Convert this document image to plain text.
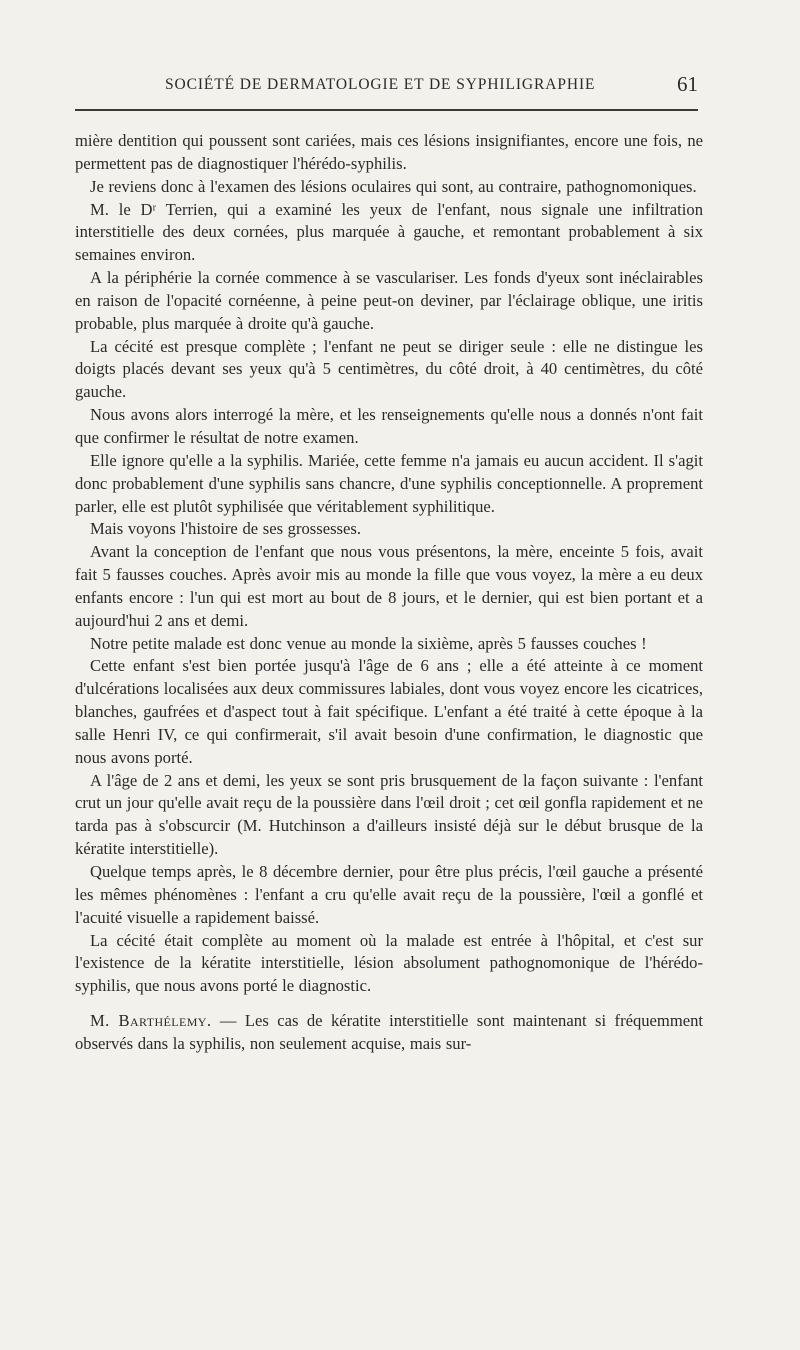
SOCIÉTÉ DE DERMATOLOGIE ET DE SYPHILIGRAPHIE	61

mière dentition qui poussent sont cariées, mais ces lésions insignifiantes, encore une fois, ne permettent pas de diagnostiquer l'hérédo-syphilis.

Je reviens donc à l'examen des lésions oculaires qui sont, au contraire, pathognomoniques.

M. le Dʳ Terrien, qui a examiné les yeux de l'enfant, nous signale une infiltration interstitielle des deux cornées, plus marquée à gauche, et remontant probablement à six semaines environ.

A la périphérie la cornée commence à se vasculariser. Les fonds d'yeux sont inéclairables en raison de l'opacité cornéenne, à peine peut-on deviner, par l'éclairage oblique, une iritis probable, plus marquée à droite qu'à gauche.

La cécité est presque complète ; l'enfant ne peut se diriger seule : elle ne distingue les doigts placés devant ses yeux qu'à 5 centimètres, du côté droit, à 40 centimètres, du côté gauche.

Nous avons alors interrogé la mère, et les renseignements qu'elle nous a donnés n'ont fait que confirmer le résultat de notre examen.

Elle ignore qu'elle a la syphilis. Mariée, cette femme n'a jamais eu aucun accident. Il s'agit donc probablement d'une syphilis sans chancre, d'une syphilis conceptionnelle. A proprement parler, elle est plutôt syphilisée que véritablement syphilitique.

Mais voyons l'histoire de ses grossesses.

Avant la conception de l'enfant que nous vous présentons, la mère, enceinte 5 fois, avait fait 5 fausses couches. Après avoir mis au monde la fille que vous voyez, la mère a eu deux enfants encore : l'un qui est mort au bout de 8 jours, et le dernier, qui est bien portant et a aujourd'hui 2 ans et demi.

Notre petite malade est donc venue au monde la sixième, après 5 fausses couches !

Cette enfant s'est bien portée jusqu'à l'âge de 6 ans ; elle a été atteinte à ce moment d'ulcérations localisées aux deux commissures labiales, dont vous voyez encore les cicatrices, blanches, gaufrées et d'aspect tout à fait spécifique. L'enfant a été traité à cette époque à la salle Henri IV, ce qui confirmerait, s'il avait besoin d'une confirmation, le diagnostic que nous avons porté.

A l'âge de 2 ans et demi, les yeux se sont pris brusquement de la façon suivante : l'enfant crut un jour qu'elle avait reçu de la poussière dans l'œil droit ; cet œil gonfla rapidement et ne tarda pas à s'obscurcir (M. Hutchinson a d'ailleurs insisté déjà sur le début brusque de la kératite interstitielle).

Quelque temps après, le 8 décembre dernier, pour être plus précis, l'œil gauche a présenté les mêmes phénomènes : l'enfant a cru qu'elle avait reçu de la poussière, l'œil a gonflé et l'acuité visuelle a rapidement baissé.

La cécité était complète au moment où la malade est entrée à l'hôpital, et c'est sur l'existence de la kératite interstitielle, lésion absolument pathognomonique de l'hérédo-syphilis, que nous avons porté le diagnostic.

M. Barthélemy. — Les cas de kératite interstitielle sont maintenant si fréquemment observés dans la syphilis, non seulement acquise, mais sur-
